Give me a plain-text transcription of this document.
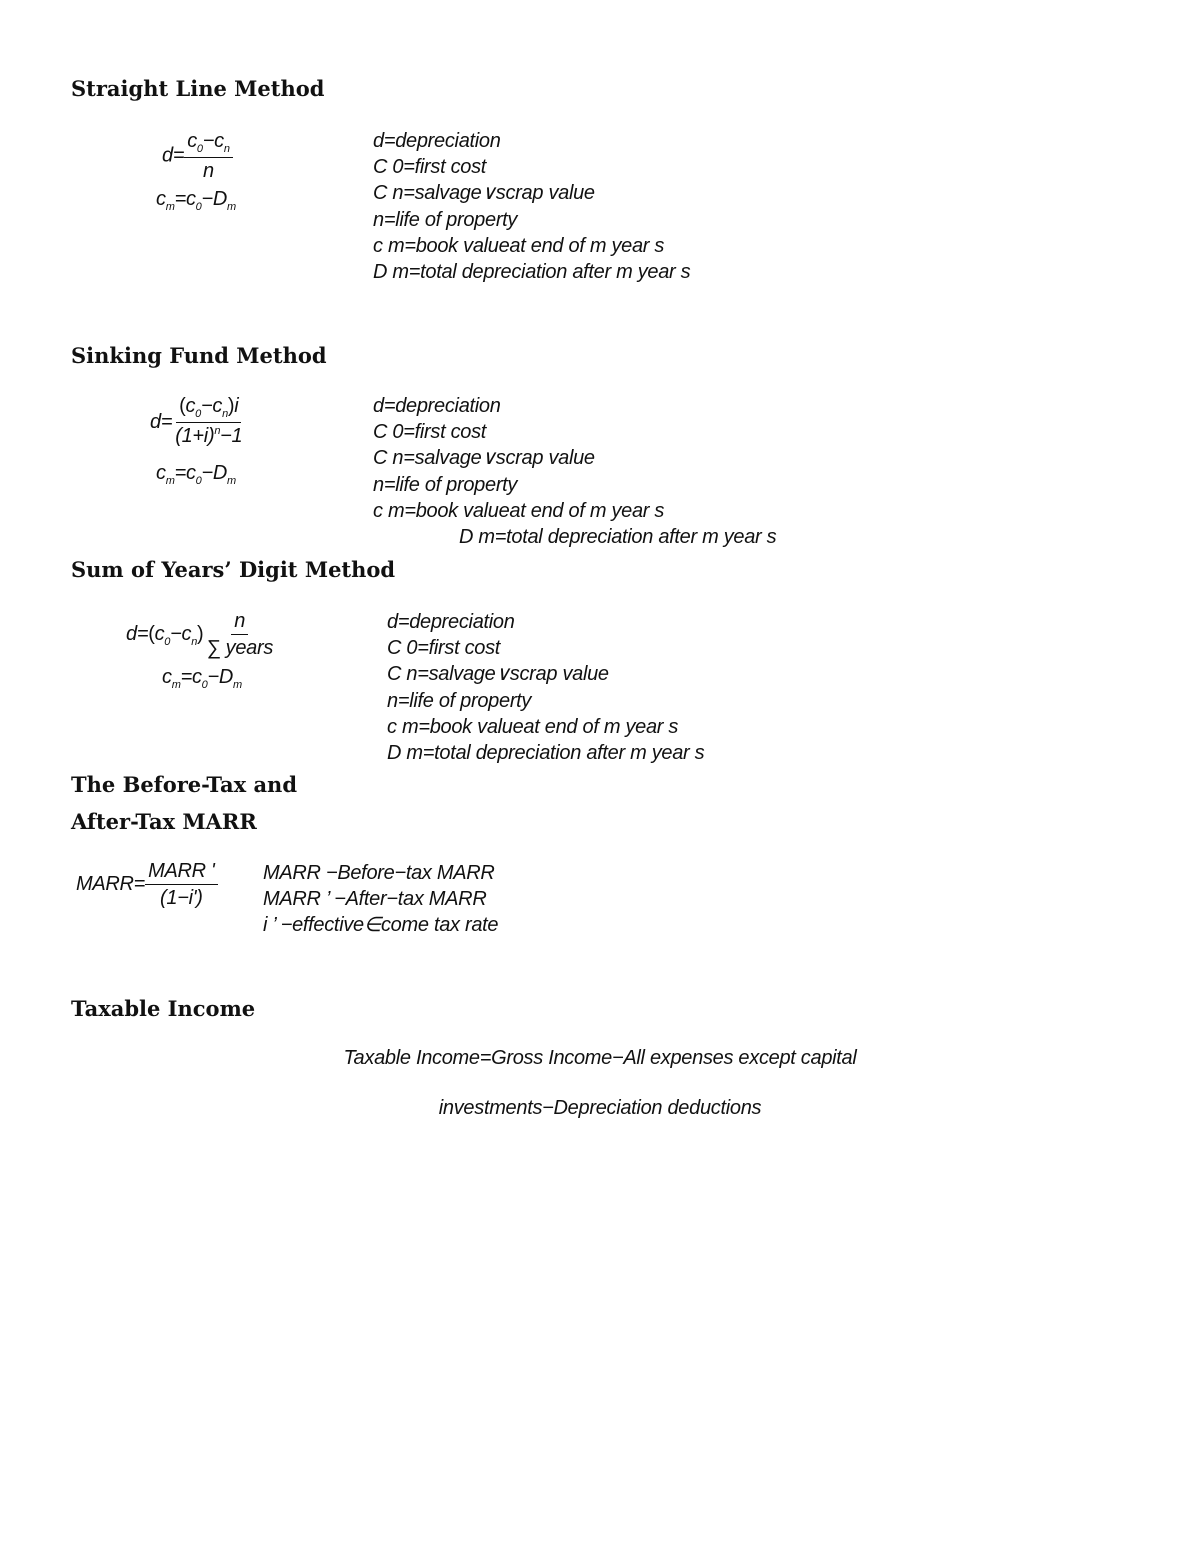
Straight Line Method
$d= \frac{c_0-c_n}{n}$
$c_m=c_0-D_m$
d=depreciation
C 0=first cost
C n=salvage∨scrap value
n=life of property
c m=book valueat end of m year s
D m=total depreciation after m year s
Sinking Fund Method
$d= \frac{(c_0-c_n)i}{(1+i)^n-1}$
$c_m=c_0-D_m$
d=depreciation
C 0=first cost
C n=salvage∨scrap value
n=life of property
c m=book valueat end of m year s
D m=total depreciation after m year s
Sum of Years’ Digit Method
$d=(c_0-c_n) \frac{n}{\text{∑ years}}$
$c_m=c_0-D_m$
d=depreciation
C 0=first cost
C n=salvage∨scrap value
n=life of property
c m=book valueat end of m year s
D m=total depreciation after m year s
The Before-Tax and
After-Tax MARR
MARR= $\frac{\text{MARR '}}{(1-i')}$ MARR −Before−tax MARR
MARR ’ −After−tax MARR
i ’ −effective∈come tax rate
Taxable Income
Taxable Income=Gross Income−All expenses except capital
investments−Depreciation deductions
